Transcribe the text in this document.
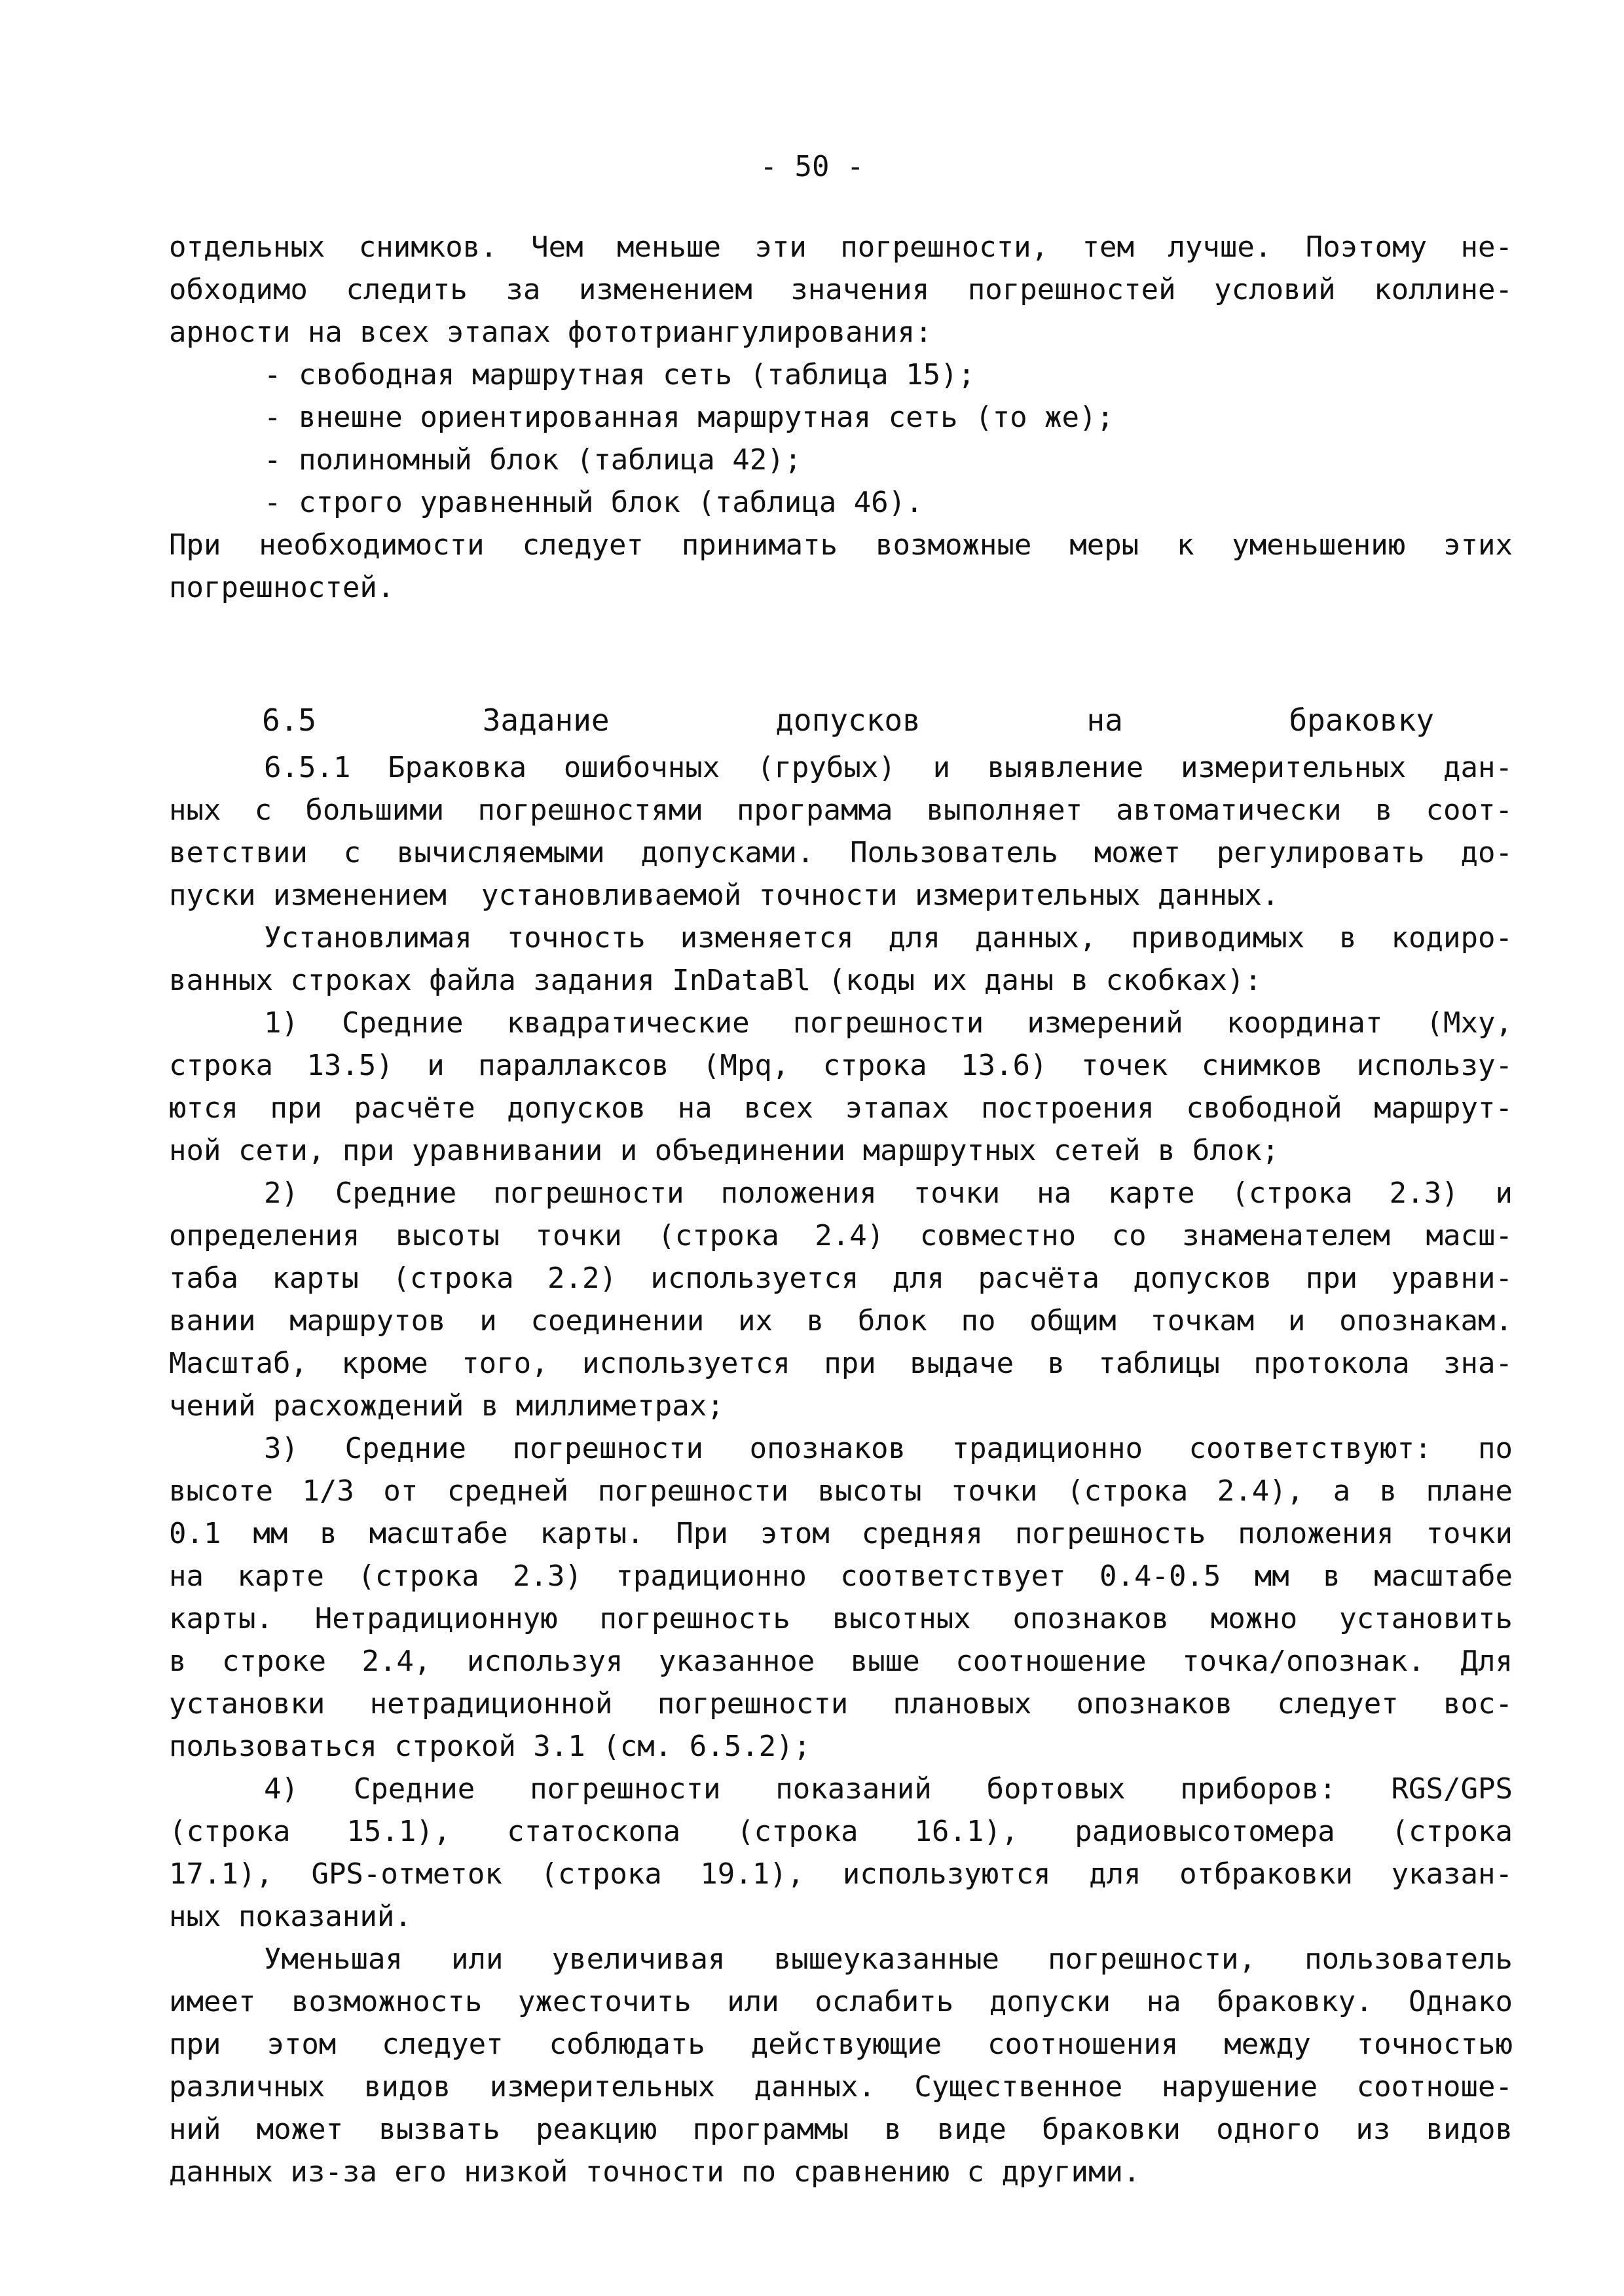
- 50 -
отдельных снимков. Чем меньше эти погрешности, тем лучше. Поэтому не-
обходимо следить за изменением значения погрешностей условий коллине-
арности на всех этапах фототриангулирования:
- свободная маршрутная сеть (таблица 15);
- внешне ориентированная маршрутная сеть (то же);
- полиномный блок (таблица 42);
- строго уравненный блок (таблица 46).
При необходимости следует принимать возможные меры к уменьшению этих
погрешностей.
6.5 Задание допусков на браковку
6.5.1 Браковка ошибочных (грубых) и выявление измерительных дан-
ных с большими погрешностями программа выполняет автоматически в соот-
ветствии с вычисляемыми допусками. Пользователь может регулировать до-
пуски изменением  установливаемой точности измерительных данных.
Установлимая точность изменяется для данных, приводимых в кодиро-
ванных строках файла задания InDataBl (коды их даны в скобках):
1) Средние квадратические погрешности измерений координат (Mxy,
строка 13.5) и параллаксов (Mpq, строка 13.6) точек снимков использу-
ются при расчёте допусков на всех этапах построения свободной маршрут-
ной сети, при уравнивании и объединении маршрутных сетей в блок;
2) Средние погрешности положения точки на карте (строка 2.3) и
определения высоты точки (строка 2.4) совместно со знаменателем масш-
таба карты (строка 2.2) используется для расчёта допусков при уравни-
вании маршрутов и соединении их в блок по общим точкам и опознакам.
Масштаб, кроме того, используется при выдаче в таблицы протокола зна-
чений расхождений в миллиметрах;
3) Средние погрешности опознаков традиционно соответствуют: по
высоте 1/3 от средней погрешности высоты точки (строка 2.4), а в плане
0.1 мм в масштабе карты. При этом средняя погрешность положения точки
на карте (строка 2.3) традиционно соответствует 0.4-0.5 мм в масштабе
карты. Нетрадиционную погрешность высотных опознаков можно установить
в строке 2.4, используя указанное выше соотношение точка/опознак. Для
установки нетрадиционной погрешности плановых опознаков следует вос-
пользоваться строкой 3.1 (см. 6.5.2);
4) Средние погрешности показаний бортовых приборов: RGS/GPS
(строка 15.1), статоскопа (строка 16.1), радиовысотомера (строка
17.1), GPS-отметок (строка 19.1), используются для отбраковки указан-
ных показаний.
Уменьшая или увеличивая вышеуказанные погрешности, пользователь
имеет возможность ужесточить или ослабить допуски на браковку. Однако
при этом следует соблюдать действующие соотношения между точностью
различных видов измерительных данных. Существенное нарушение соотноше-
ний может вызвать реакцию программы в виде браковки одного из видов
данных из-за его низкой точности по сравнению с другими.
